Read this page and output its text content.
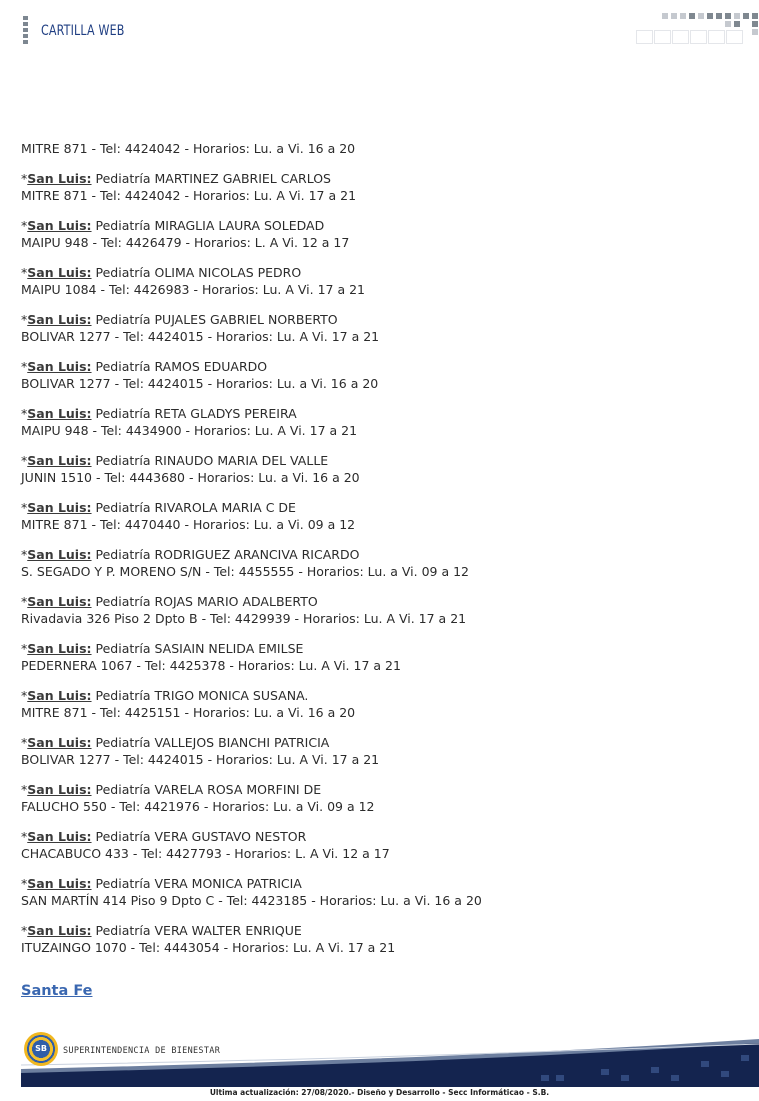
CARTILLA WEB
MITRE 871 - Tel: 4424042 - Horarios: Lu. a Vi. 16 a 20
*San Luis: Pediatría MARTINEZ GABRIEL CARLOS
MITRE 871 - Tel: 4424042 - Horarios: Lu. A Vi. 17 a 21
*San Luis: Pediatría MIRAGLIA LAURA SOLEDAD
MAIPU 948 - Tel: 4426479 - Horarios: L. A Vi. 12 a 17
*San Luis: Pediatría OLIMA NICOLAS PEDRO
MAIPU 1084 - Tel: 4426983 - Horarios: Lu. A Vi. 17 a 21
*San Luis: Pediatría PUJALES GABRIEL NORBERTO
BOLIVAR 1277 - Tel: 4424015 - Horarios: Lu. A Vi. 17 a 21
*San Luis: Pediatría RAMOS EDUARDO
BOLIVAR 1277 - Tel: 4424015 - Horarios: Lu. a Vi. 16 a 20
*San Luis: Pediatría RETA GLADYS PEREIRA
MAIPU 948 - Tel: 4434900 - Horarios: Lu. A Vi. 17 a 21
*San Luis: Pediatría RINAUDO MARIA DEL VALLE
JUNIN 1510 - Tel: 4443680 - Horarios: Lu. a Vi. 16 a 20
*San Luis: Pediatría RIVAROLA MARIA C DE
MITRE 871 - Tel: 4470440 - Horarios: Lu. a Vi. 09 a 12
*San Luis: Pediatría RODRIGUEZ ARANCIVA RICARDO
S. SEGADO Y P. MORENO S/N - Tel: 4455555 - Horarios: Lu. a Vi. 09 a 12
*San Luis: Pediatría ROJAS MARIO ADALBERTO
Rivadavia 326 Piso 2 Dpto B - Tel: 4429939 - Horarios: Lu. A Vi. 17 a 21
*San Luis: Pediatría SASIAIN NELIDA EMILSE
PEDERNERA 1067 - Tel: 4425378 - Horarios: Lu. A Vi. 17 a 21
*San Luis: Pediatría TRIGO MONICA SUSANA.
MITRE 871 - Tel: 4425151 - Horarios: Lu. a Vi. 16 a 20
*San Luis: Pediatría VALLEJOS BIANCHI PATRICIA
BOLIVAR 1277 - Tel: 4424015 - Horarios: Lu. A Vi. 17 a 21
*San Luis: Pediatría VARELA ROSA MORFINI DE
FALUCHO 550 - Tel: 4421976 - Horarios: Lu. a Vi. 09 a 12
*San Luis: Pediatría VERA GUSTAVO NESTOR
CHACABUCO 433 - Tel: 4427793 - Horarios: L. A Vi. 12 a 17
*San Luis: Pediatría VERA MONICA PATRICIA
SAN MARTÍN 414 Piso 9 Dpto C - Tel: 4423185 - Horarios: Lu. a Vi. 16 a 20
*San Luis: Pediatría VERA WALTER ENRIQUE
ITUZAINGO 1070 - Tel: 4443054 - Horarios: Lu. A Vi. 17 a 21
Santa Fe
SB SUPERINTENDENCIA DE BIENESTAR
Ultima actualización: 27/08/2020.- Diseño y Desarrollo - Secc Informáticao - S.B.
